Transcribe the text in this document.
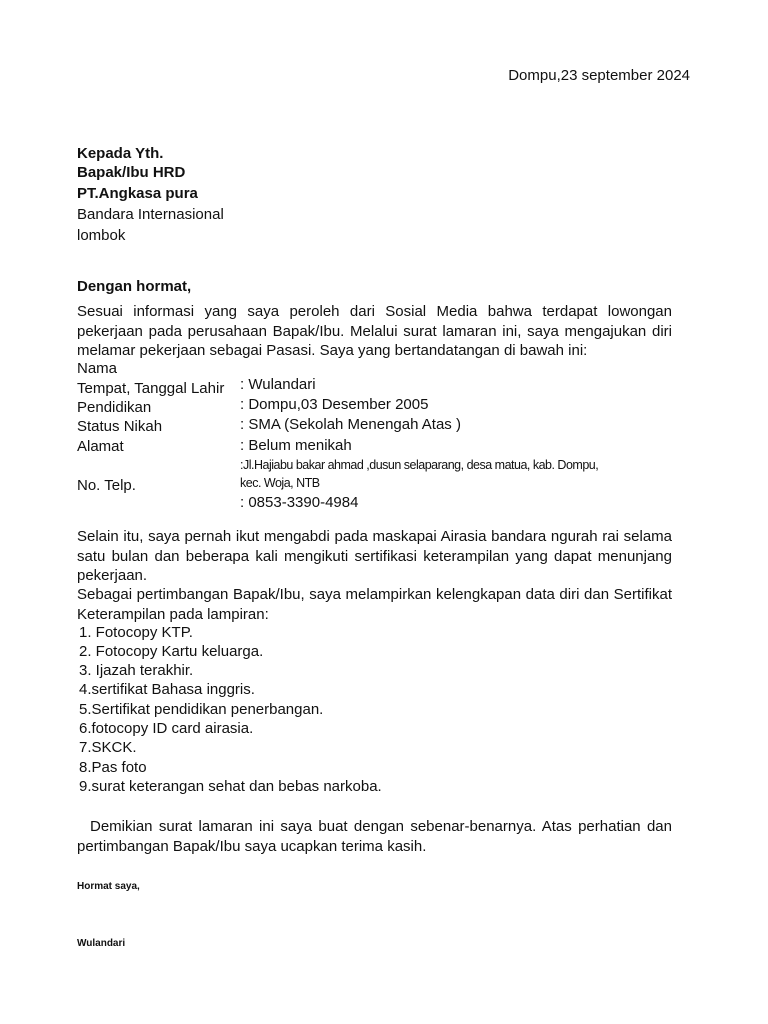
Dompu,23 september 2024
Kepada Yth.
Bapak/Ibu HRD
PT.Angkasa pura
Bandara Internasional
lombok
Dengan hormat,
Sesuai informasi yang saya peroleh dari Sosial Media bahwa terdapat lowongan pekerjaan pada perusahaan Bapak/Ibu. Melalui surat lamaran ini, saya mengajukan diri melamar pekerjaan sebagai Pasasi. Saya yang bertandatangan di bawah ini:
Nama
Tempat, Tanggal Lahir
Pendidikan
Status Nikah
Alamat
No. Telp.
: Wulandari
: Dompu,03 Desember 2005
: SMA (Sekolah Menengah Atas )
: Belum menikah
:Jl.Hajiabu bakar ahmad ,dusun selaparang, desa matua, kab. Dompu,
kec. Woja, NTB
: 0853-3390-4984
Selain itu, saya pernah ikut mengabdi pada maskapai Airasia bandara ngurah rai selama satu bulan dan beberapa kali mengikuti sertifikasi keterampilan yang dapat menunjang pekerjaan.
Sebagai pertimbangan Bapak/Ibu, saya melampirkan kelengkapan data diri dan Sertifikat Keterampilan pada lampiran:
1. Fotocopy KTP.
2. Fotocopy Kartu keluarga.
3. Ijazah terakhir.
4.sertifikat Bahasa inggris.
5.Sertifikat pendidikan penerbangan.
6.fotocopy ID card airasia.
7.SKCK.
8.Pas foto
9.surat keterangan sehat dan bebas narkoba.
Demikian surat lamaran ini saya buat dengan sebenar-benarnya. Atas perhatian dan pertimbangan Bapak/Ibu saya ucapkan terima kasih.
Hormat saya,
Wulandari
